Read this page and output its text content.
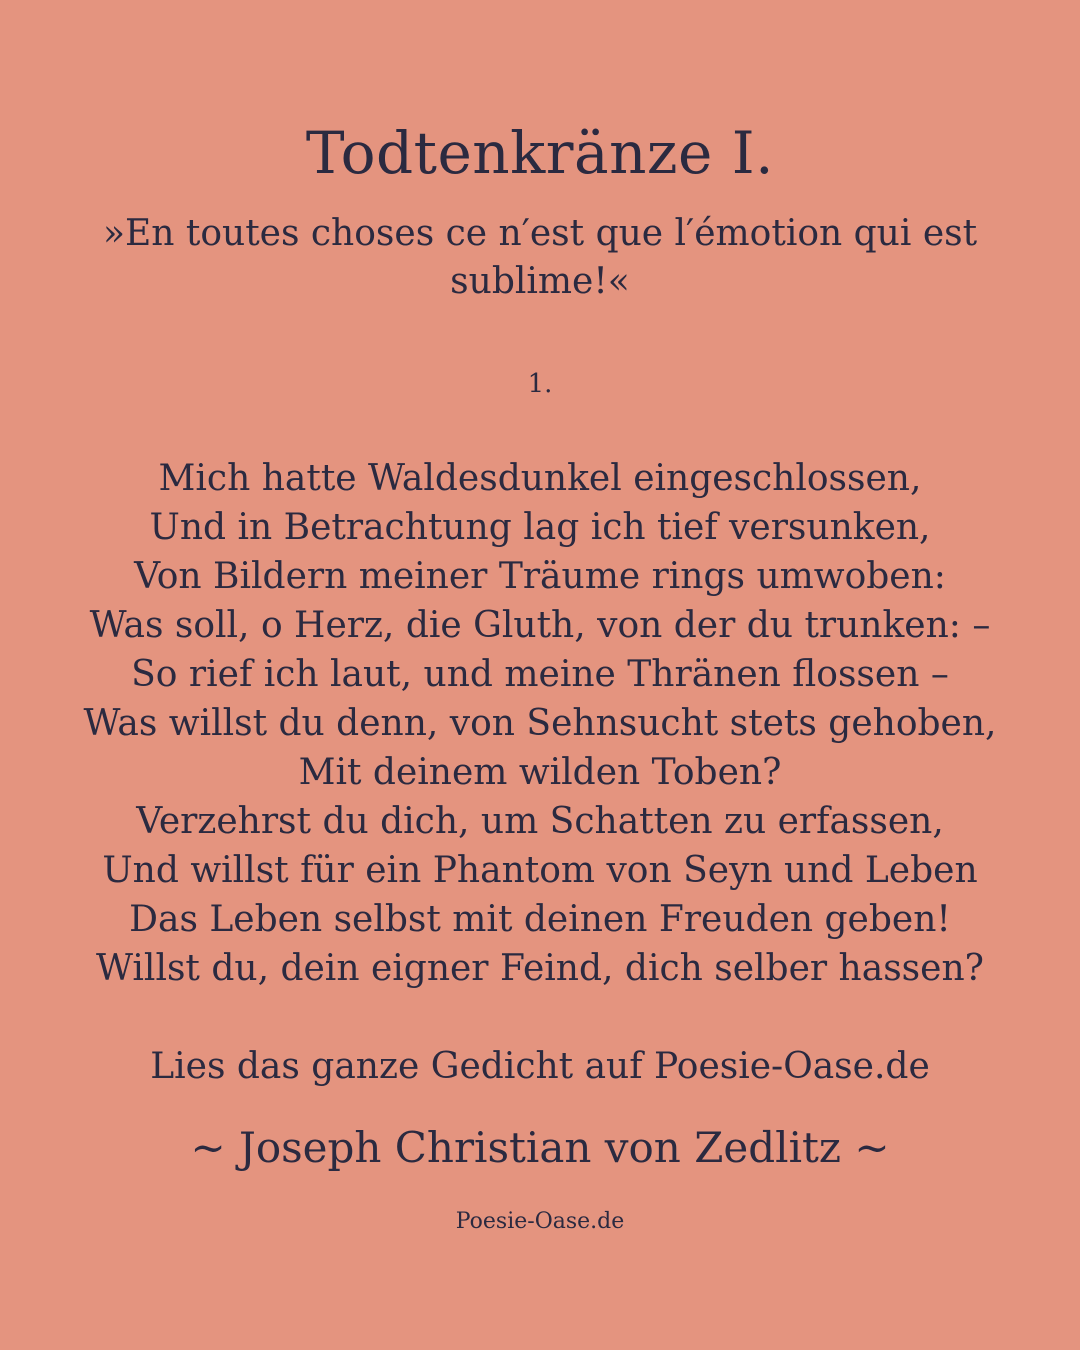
Todtenkränze I.

»En toutes choses ce n′est que l′émotion qui est sublime!«

1.

Mich hatte Waldesdunkel eingeschlossen,
Und in Betrachtung lag ich tief versunken,
Von Bildern meiner Träume rings umwoben:
Was soll, o Herz, die Gluth, von der du trunken: –
So rief ich laut, und meine Thränen flossen –
Was willst du denn, von Sehnsucht stets gehoben,
Mit deinem wilden Toben?
Verzehrst du dich, um Schatten zu erfassen,
Und willst für ein Phantom von Seyn und Leben
Das Leben selbst mit deinen Freuden geben!
Willst du, dein eigner Feind, dich selber hassen?

Lies das ganze Gedicht auf Poesie-Oase.de

~ Joseph Christian von Zedlitz ~

Poesie-Oase.de
